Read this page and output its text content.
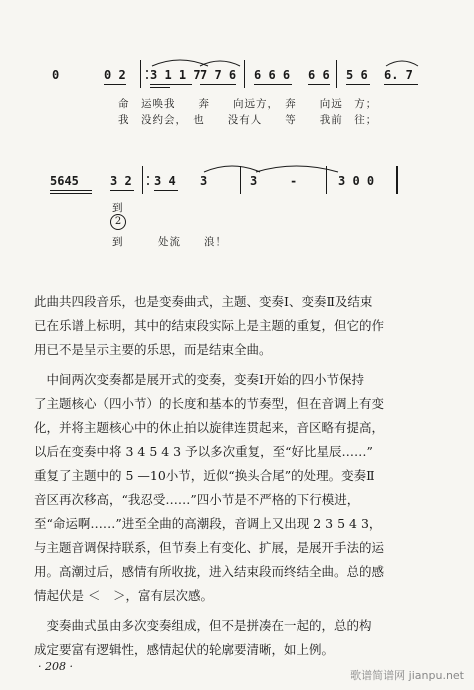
0	0 2 3 1 1 7 7 7 6 6 6 6 6 6 5 6 6. 7
命　运唤我　　奔　　向远方，　奔　　向远　方；
我　没约会，　也　　没有人　　等　　我前　往；
5645	3 2 3 4 3	3	-	3 0 0
到
2
到　　　处流　　浪！

此曲共四段音乐，也是变奏曲式，主题、变奏Ⅰ、变奏Ⅱ及结束
已在乐谱上标明，其中的结束段实际上是主题的重复，但它的作
用已不是呈示主要的乐思，而是结束全曲。

　中间两次变奏都是展开式的变奏，变奏Ⅰ开始的四小节保持
了主题核心（四小节）的长度和基本的节奏型，但在音调上有变
化，并将主题核心中的休止拍以旋律连贯起来，音区略有提高，
以后在变奏中将 3 4 5 4 3 予以多次重复，至“好比星辰……”
重复了主题中的 5 —10小节，近似“换头合尾”的处理。变奏Ⅱ
音区再次移高，“我忍受……”四小节是不严格的下行模进，
至“命运啊……”进至全曲的高潮段，音调上又出现 2 3 5 4 3，
与主题音调保持联系，但节奏上有变化、扩展，是展开手法的运
用。高潮过后，感情有所收拢，进入结束段而终结全曲。总的感
情起伏是 ＜　＞，富有层次感。

　变奏曲式虽由多次变奏组成，但不是拼凑在一起的，总的构
成定要富有逻辑性，感情起伏的轮廓要清晰，如上例。

· 208 ·
歌谱简谱网 jianpu.net
